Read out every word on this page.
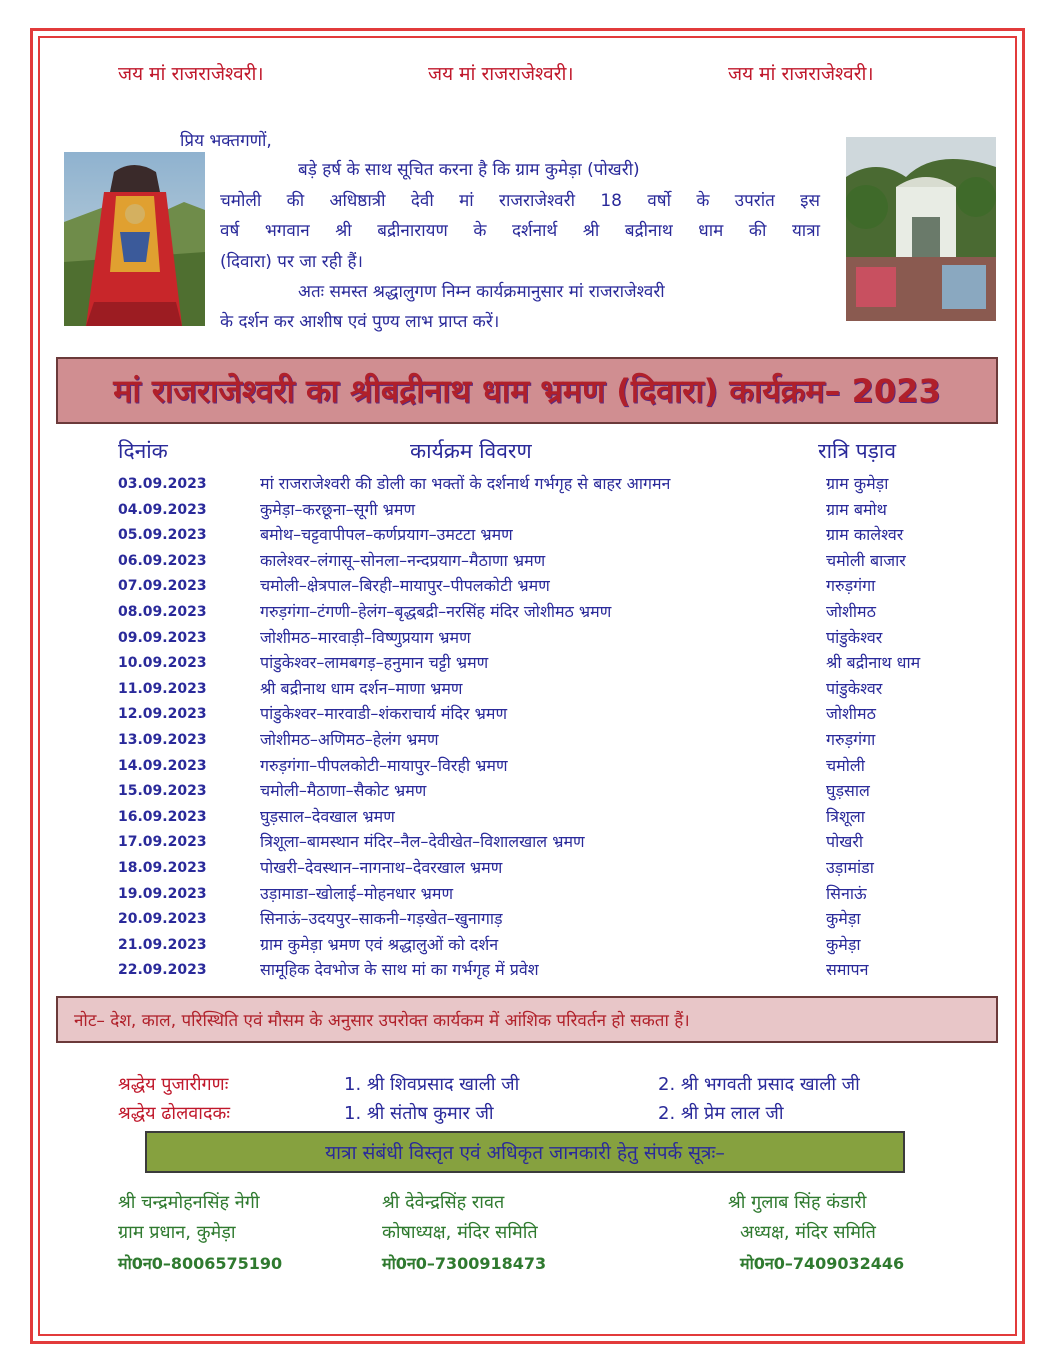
जय मां राजराजेश्वरी।	जय मां राजराजेश्वरी।	जय मां राजराजेश्वरी।
प्रिय भक्तगणों,
बड़े हर्ष के साथ सूचित करना है कि ग्राम कुमेड़ा (पोखरी)
चमोली की अधिष्ठात्री देवी मां राजराजेश्वरी 18 वर्षो के उपरांत इस
वर्ष भगवान श्री बद्रीनारायण के दर्शनार्थ श्री बद्रीनाथ धाम की यात्रा
(दिवारा) पर जा रही हैं।
अतः समस्त श्रद्धालुगण निम्न कार्यक्रमानुसार मां राजराजेश्वरी
के दर्शन कर आशीष एवं पुण्य लाभ प्राप्त करें।
मां राजराजेश्वरी का श्रीबद्रीनाथ धाम भ्रमण (दिवारा) कार्यक्रम– 2023
दिनांक	कार्यक्रम विवरण	रात्रि पड़ाव
03.09.2023	मां राजराजेश्वरी की डोली का भक्तों के दर्शनार्थ गर्भगृह से बाहर आगमन	ग्राम कुमेड़ा
04.09.2023	कुमेड़ा–करछूना–सूगी भ्रमण	ग्राम बमोथ
05.09.2023	बमोथ–चट्टवापीपल–कर्णप्रयाग–उमटटा भ्रमण	ग्राम कालेश्वर
06.09.2023	कालेश्वर–लंगासू–सोनला–नन्दप्रयाग–मैठाणा भ्रमण	चमोली बाजार
07.09.2023	चमोली–क्षेत्रपाल–बिरही–मायापुर–पीपलकोटी भ्रमण	गरुड़गंगा
08.09.2023	गरुड़गंगा–टंगणी–हेलंग–बृद्धबद्री–नरसिंह मंदिर जोशीमठ भ्रमण	जोशीमठ
09.09.2023	जोशीमठ–मारवाड़ी–विष्णुप्रयाग भ्रमण	पांडुकेश्वर
10.09.2023	पांडुकेश्वर–लामबगड़–हनुमान चट्टी भ्रमण	श्री बद्रीनाथ धाम
11.09.2023	श्री बद्रीनाथ धाम दर्शन–माणा भ्रमण	पांडुकेश्वर
12.09.2023	पांडुकेश्वर–मारवाडी–शंकराचार्य मंदिर भ्रमण	जोशीमठ
13.09.2023	जोशीमठ–अणिमठ–हेलंग भ्रमण	गरुड़गंगा
14.09.2023	गरुड़गंगा–पीपलकोटी–मायापुर–विरही भ्रमण	चमोली
15.09.2023	चमोली–मैठाणा–सैकोट भ्रमण	घुड़साल
16.09.2023	घुड़साल–देवखाल भ्रमण	त्रिशूला
17.09.2023	त्रिशूला–बामस्थान मंदिर–नैल–देवीखेत–विशालखाल भ्रमण	पोखरी
18.09.2023	पोखरी–देवस्थान–नागनाथ–देवरखाल भ्रमण	उड़ामांडा
19.09.2023	उड़ामाडा–खोलाई–मोहनधार भ्रमण	सिनाऊं
20.09.2023	सिनाऊं–उदयपुर–साकनी–गड़खेत–खुनागाड़	कुमेड़ा
21.09.2023	ग्राम कुमेड़ा भ्रमण एवं श्रद्धालुओं को दर्शन	कुमेड़ा
22.09.2023	सामूहिक देवभोज के साथ मां का गर्भगृह में प्रवेश	समापन
नोट– देश, काल, परिस्थिति एवं मौसम के अनुसार उपरोक्त कार्यकम में आंशिक परिवर्तन हो सकता हैं।
श्रद्धेय पुजारीगणः	1. श्री शिवप्रसाद खाली जी	2. श्री भगवती प्रसाद खाली जी
श्रद्धेय ढोलवादकः	1. श्री संतोष कुमार जी	2. श्री प्रेम लाल जी
यात्रा संबंधी विस्तृत एवं अधिकृत जानकारी हेतु संपर्क सूत्रः–
श्री चन्द्रमोहनसिंह नेगी
ग्राम प्रधान, कुमेड़ा
मो0न0–8006575190
श्री देवेन्द्रसिंह रावत
कोषाध्यक्ष, मंदिर समिति
मो0न0–7300918473
श्री गुलाब सिंह कंडारी
अध्यक्ष, मंदिर समिति
मो0न0–7409032446
